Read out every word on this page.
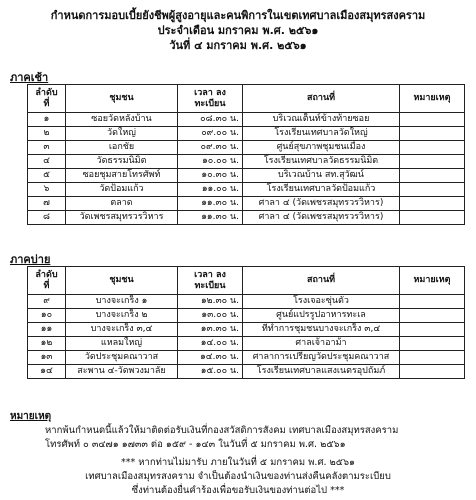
กำหนดการมอบเบี้ยยังชีพผู้สูงอายุและคนพิการในเขตเทศบาลเมืองสมุทรสงคราม
ประจำเดือน มกราคม พ.ศ. ๒๕๖๑
วันที่ ๔ มกราคม พ.ศ. ๒๕๖๑
ภาคเช้า
ลำดับ ที่	ชุมชน	เวลา ลงทะเบียน	สถานที่	หมายเหตุ
๑	ซอยวัดหลังบ้าน	๐๘.๓๐ น.	บริเวณเต็นท์ข้างท้ายซอย	
๒	วัดใหญ่	๐๙.๐๐ น.	โรงเรียนเทศบาลวัดใหญ่	
๓	เอกชัย	๐๙.๓๐ น.	ศูนย์สุขภาพชุมชนเมือง	
๔	วัดธรรมนิมิต	๑๐.๐๐ น.	โรงเรียนเทศบาลวัดธรรมนิมิต	
๕	ซอยชุมสายโทรศัพท์	๑๐.๓๐ น.	บริเวณบ้าน สท.สุวัฒน์	
๖	วัดป้อมแก้ว	๑๑.๐๐ น.	โรงเรียนเทศบาลวัดป้อมแก้ว	
๗	ตลาด	๑๑.๓๐ น.	ศาลา ๔ (วัดเพชรสมุทรวรวิหาร)	
๘	วัดเพชรสมุทรวรวิหาร	๑๑.๓๐ น.	ศาลา ๔ (วัดเพชรสมุทรวรวิหาร)	
ภาคบ่าย
ลำดับ ที่	ชุมชน	เวลา ลงทะเบียน	สถานที่	หมายเหตุ
๙	บางจะเกร็ง ๑	๑๒.๓๐ น.	โรงเจอะซุ่นตั๋ว	
๑๐	บางจะเกร็ง ๒	๑๓.๐๐ น.	ศูนย์แปรรูปอาหารทะเล	
๑๑	บางจะเกร็ง ๓,๔	๑๓.๓๐ น.	ที่ทำการชุมชนบางจะเกร็ง ๓,๔	
๑๒	แหลมใหญ่	๑๔.๐๐ น.	ศาลเจ้าอาม้า	
๑๓	วัดประชุมคณาวาส	๑๔.๓๐ น.	ศาลาการเปรียญวัดประชุมคณาวาส	
๑๔	สะพาน ๔-วัดพวงมาลัย	๑๕.๐๐ น.	โรงเรียนเทศบาลแสงเนตรอุปถัมภ์	
หมายเหตุ
หากพ้นกำหนดนี้แล้วให้มาติดต่อรับเงินที่กองสวัสดิการสังคม เทศบาลเมืองสมุทรสงคราม
โทรศัพท์ ๐ ๓๔๗๑ ๑๗๓๓ ต่อ ๑๕๙ - ๑๔๓ ในวันที่ ๕ มกราคม พ.ศ. ๒๕๖๑
*** หากท่านไม่มารับ ภายในวันที่ ๕ มกราคม พ.ศ. ๒๕๖๑
เทศบาลเมืองสมุทรสงคราม จำเป็นต้องนำเงินของท่านส่งคืนคลังตามระเบียบ
ซึ่งท่านต้องยื่นคำร้องเพื่อขอรับเงินของท่านต่อไป ***
